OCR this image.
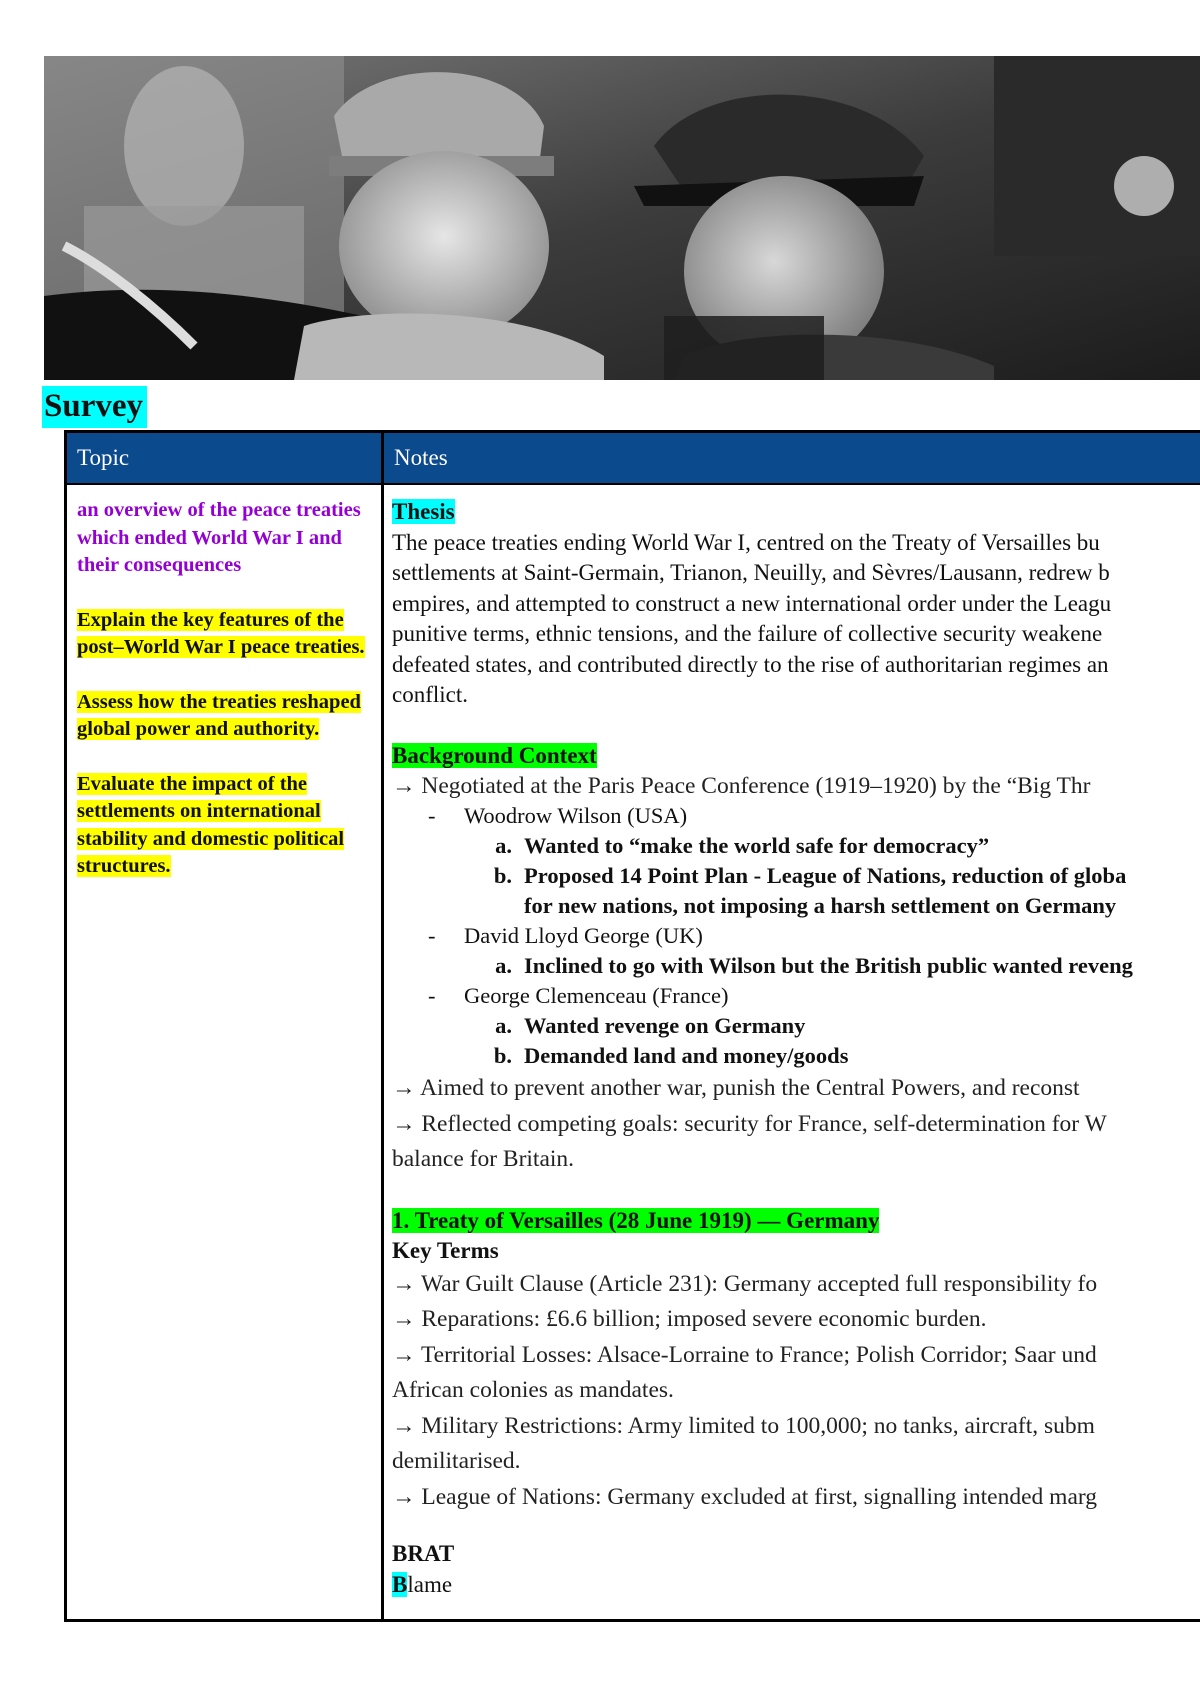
Survey
Topic	Notes

an overview of the peace treaties which ended World War I and their consequences

Explain the key features of the post–World War I peace treaties.

Assess how the treaties reshaped global power and authority.

Evaluate the impact of the settlements on international stability and domestic political structures.

Thesis
The peace treaties ending World War I, centred on the Treaty of Versailles bu
settlements at Saint-Germain, Trianon, Neuilly, and Sèvres/Lausann, redrew b
empires, and attempted to construct a new international order under the Leagu
punitive terms, ethnic tensions, and the failure of collective security weakene
defeated states, and contributed directly to the rise of authoritarian regimes an
conflict.
Background Context
→ Negotiated at the Paris Peace Conference (1919–1920) by the “Big Thr
- Woodrow Wilson (USA)
a. Wanted to “make the world safe for democracy”
b. Proposed 14 Point Plan - League of Nations, reduction of globa
for new nations, not imposing a harsh settlement on Germany
- David Lloyd George (UK)
a. Inclined to go with Wilson but the British public wanted reveng
- George Clemenceau (France)
a. Wanted revenge on Germany
b. Demanded land and money/goods
→ Aimed to prevent another war, punish the Central Powers, and reconst
→ Reflected competing goals: security for France, self-determination for W
balance for Britain.
1. Treaty of Versailles (28 June 1919) — Germany
Key Terms
→ War Guilt Clause (Article 231): Germany accepted full responsibility fo
→ Reparations: £6.6 billion; imposed severe economic burden.
→ Territorial Losses: Alsace-Lorraine to France; Polish Corridor; Saar und
African colonies as mandates.
→ Military Restrictions: Army limited to 100,000; no tanks, aircraft, subm
demilitarised.
→ League of Nations: Germany excluded at first, signalling intended marg
BRAT
Blame
